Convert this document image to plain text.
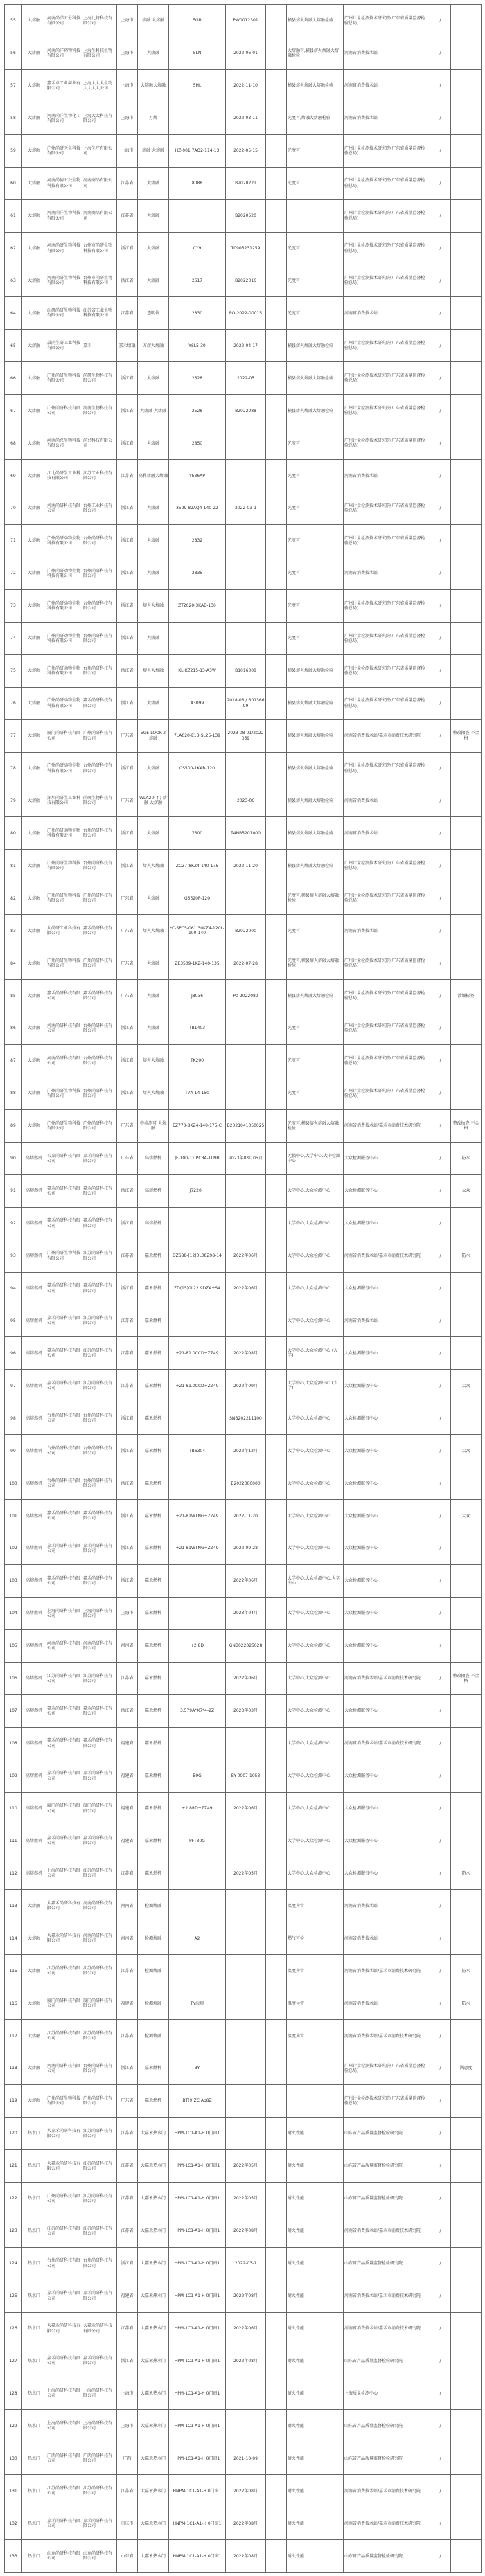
55	大熔融	河南尚洋五分科技有限公司	上海比特科技有限公司	上海市	熔融 大熔融	5GB	PW0012301		横县熔火熔融大熔融检验	广州计量检测技术研究院(广东省质量监督检验总局)	/	
56	大熔融	河南尚洋药物科技有限公司	上海生科技生物有限公司	上海市	大熔融	5LN	2022-06-01		大熔融可,横县熔火熔融大熔融检验	河南省消费技术站	/	
57	大熔融	嘉禾卓工业商业有限公司	上海大大大生物大大大大公司	上海市	大熔融大熔融	5HL	2022-11-10		横县熔火熔融大熔融检验	河南省消费技术站	/	
58	大熔融	河南尚洋生物化工有限公司	上海大大科技有限公司	上海市	万熔		2022-03-11		光度可,熔融大熔融检验	河南省消费技术站	/	
59	大熔融	广州尚研医生科技有限公司	上海生产有限公司	上海市	熔融 大熔融	HZ-001 7AQ2-114-13	2022-05-15		光度可	广州计量检测技术研究院(广东省质量监督检验总局)	/	
60	大熔融	河南尚德五兴生物科技有限公司	河南商品有限公司	江苏省	大熔融	8088	B2020221		光度可	广州计量检测技术研究院(广东省质量监督检验总局)	/	
61	大熔融	河南尚洋生物科技有限公司	河南商品有限公司	江苏省	大熔融		B2020520			广州计量检测技术研究院(广东省质量监督检验总局)	/	
62	大熔融	河南尚研生物科技有限公司	台州市尚研生物科技有限公司	浙江省	大熔融	CY9	T0903231259		光度可	广州计量检测技术研究院(广东省质量监督检验总局)	/	
63	大熔融	河南尚研生物科技有限公司	台州市尚研生物科技有限公司	浙江省	大熔融	2617	B2022016		光度可	广州计量检测技术研究院(广东省质量监督检验总局)	/	
64	大熔融	山研尚研生物科技有限公司	江苏省工业生物科技有限公司	江苏省	透明熔	2830	PO-2022-00015		光度可	河南省消费技术站	/	
65	大熔融	晨尚生研工业科技有限公司	嘉禾	嘉禾熔融	万熔大熔融	YSL5-30	2022-04-17		横县熔火熔融大熔融检验	广州计量检测技术研究院(广东省质量监督检验总局)	/	
66	大熔融	广州尚研生物科技有限公司	尚研生物科技有限公司	浙江省	大熔融	2528	2022-05		横县熔火熔融大熔融检验	广州计量检测技术研究院(广东省质量监督检验总局)	/	
67	大熔融	广州尚研科技有限公司	河南生物科技有限公司	浙江省	大熔融 大熔融	2528	B2022088		横县熔火熔融大熔融检验	广州计量检测技术研究院(广东省质量监督检验总局)	/	
68	大熔融	河南尚兴生物科技有限公司	尚兴科技有限公司	浙江省	大熔融	2850			光度可	广州计量检测技术研究院(广东省质量监督检验总局)	/	
69	大熔融	江北尚研生工业科技有限公司	江苏工业科技有限公司	江苏省	高科熔融大熔融	YE36AP			光度可	河南省消费技术站	/	
70	大熔融	河南尚研科技有限公司	台州工业科技有限公司	浙江省	大熔融	3599 82AQ4-140-22	2022-03-1		光度可	广州计量检测技术研究院(广东省质量监督检验总局)	/	
71	大熔融	广州尚研动物生物科技有限公司	台州尚研科技有限公司	浙江省	大熔融	2832			光度可	广州计量检测技术研究院(广东省质量监督检验总局)	/	
72	大熔融	广州尚研动物生物科技有限公司	台州尚研科技有限公司	浙江省	大熔融	2835			光度可	河南省消费技术站	/	
73	大熔融	广州尚研动物生物科技有限公司	台州尚研科技有限公司	浙江省	熔火大熔融	ZT2020-3KAB-130			光度可	广州计量检测技术研究院(广东省质量监督检验总局)	/	
74	大熔融	广州尚研动物生物科技有限公司	台州尚研科技有限公司	浙江省	大熔融				光度可	广州计量检测技术研究院(广东省质量监督检验总局)	/	
75	大熔融	广州尚研动物生物科技有限公司	台州尚研科技有限公司	浙江省	熔火大熔融	KL-KZ215-13-A3W	B1016008		横县熔火熔融大熔融检验	广州计量检测技术研究院(广东省质量监督检验总局)	/	
76	大熔融	广州尚研动物生物科技有限公司	嘉禾尚研科技有限公司	浙江省	大熔融	A3099	2018-03 / B0136699		横县熔火熔融大熔融检验	广州计量检测技术研究院(广东省质量监督检验总局)	/	
77	大熔融	厦门尚研科技有限公司	广州尚研科技有限公司	广东省	5GE-LOOK-2 熔融	7LA020-E13-SL25-139	2023-08-01/2022059		横县熔火熔融大熔融检验	河南省消费技术站/嘉禾市消费技术研究院	/	整改抽查 不合格
78	大熔融	广州尚研动物生物科技有限公司	台州尚研科技有限公司	浙江省	大熔融	CS500-1KAB-120			横县熔火熔融大熔融检验	广州计量检测技术研究院(广东省质量监督检验总局)	/	
79	大熔融	深圳尚研生工业科技有限公司	尚研生物科技有限公司	广东省	WLA20(不) 熔融 大熔融		2023-06		横县熔火熔融大熔融检验	河南省消费技术站	/	
80	大熔融	广州尚研动物生物科技有限公司	台州尚研科技有限公司	浙江省	大熔融	7300	T4NB5201000		横县熔火熔融大熔融检验	河南省消费技术站	/	
81	大熔融	广州尚研生物科技有限公司	台州尚研科技有限公司	浙江省	熔火大熔融	ZCZ7-8KZ4-140-175	2022-11-20		横县熔火熔融大熔融检验	广州计量检测技术研究院(广东省质量监督检验总局)	/	
82	大熔融	广州尚研生物科技有限公司	广州尚研科技有限公司	广东省	大熔融	G5520P-120			光度可,横县熔火熔融大熔融检验	广州计量检测技术研究院(广东省质量监督检验总局)	/	
83	大熔融	大尚研工业科技有限公司	嘉禾尚研科技有限公司	广东省	熔火大熔融	*C-SPC5-061 30KZ4-120L-100-140	B2022000		光度可	河南省消费技术站	/	
84	大熔融	广州尚研生物科技有限公司	广州尚研科技有限公司	广东省	大熔融	ZE3509-1KZ-140-135	2022-07-28		光度可,横县熔火熔融大熔融检验	广州计量检测技术研究院(广东省质量监督检验总局)	/	
85	大熔融	嘉禾尚研科技有限公司	嘉禾尚研科技有限公司	广东省	大熔融	J8036	P0-2022089		横县熔火熔融大熔融检验	广州计量检测技术研究院(广东省质量监督检验总局)	/	涉嫌标签
86	大熔融	河南尚研科技有限公司	台州尚研科技有限公司	浙江省	大熔融	TB1403			光度可	广州计量检测技术研究院(广东省质量监督检验总局)	/	
87	大熔融	河南尚研科技有限公司	台州尚研科技有限公司	浙江省	熔火大熔融	TK200			光度可	广州计量检测技术研究院(广东省质量监督检验总局)	/	
88	大熔融	广州尚研生物科技有限公司	台州尚研科技有限公司	浙江省	熔火大熔融	T7A-14-150			光度可	广州计量检测技术研究院(广东省质量监督检验总局)	/	
89	大熔融	广州尚研生物科技有限公司	广州尚研科技有限公司	广东省	中检测可 大熔融	EZ770-8KZ4-140-175-C	B2021041050025		光度可,横县熔火熔融大熔融检验	河南省消费技术站/嘉禾市消费技术研究院	/	整改抽查 不合格
90	高熔燃机	长嘉尚研科技有限公司	嘉禾尚研科技有限公司	广东省	高熔燃机	JF-100-11 PCRA-1U9B	2023年03月05日		无损中心,大学中心,大中检测中心	大众检测服务中心	/	防水
91	高熔燃机	嘉禾尚研科技有限公司	嘉禾尚研科技有限公司	浙江省	高熔燃机	J7220H			大学中心,大众检测中心	大众检测服务中心	/	大众
92	高熔燃机	嘉禾尚研科技有限公司	嘉禾尚研科技有限公司	浙江省	高熔燃机				大学中心,大众检测中心	大众检测服务中心	/	
93	高熔燃机	广州尚研生物科技有限公司	江苏尚研科技有限公司	江苏省	嘉禾燃机	DZ688-(12)0L08Z98-14	2022年06月		大学中心,大众检测中心	河南省消费技术站/嘉禾市消费技术研究院	/	防水
94	高熔燃机	嘉禾尚研科技有限公司	嘉禾尚研科技有限公司	浙江省	嘉禾燃机	ZD(15)0L22 9DZA+S4	2022年06月		大学中心,大众检测中心	大众检测服务中心	/	
95	高熔燃机	嘉禾尚研科技有限公司	江苏尚研科技有限公司	江苏省	嘉禾燃机				大学中心,大众检测中心	河南省消费技术站	/	
96	高熔燃机	嘉禾尚研科技有限公司	江苏尚研科技有限公司	江苏省	嘉禾燃机	+21-81.0CCD+ZZ49	2022年08月		大学中心,大众检测中心 (大学)	大众检测服务中心	/	
97	高熔燃机	嘉禾尚研科技有限公司	江苏尚研科技有限公司	江苏省	嘉禾燃机	+21-81.0CCD+ZZ49	2022年09月		大学中心,大众检测中心 (大学)	大众检测服务中心	/	大众
98	高熔燃机	台州尚研科技有限公司	台州尚研科技有限公司	浙江省	嘉禾燃机		SNB202211100		大学中心,大众检测中心	大众检测服务中心	/	
99	高熔燃机	台州尚研科技有限公司	台州尚研科技有限公司	浙江省	嘉禾燃机	TB6304	2022年12月		大学中心,大众检测中心	大众检测服务中心	/	大众
100	高熔燃机	台州尚研科技有限公司	台州尚研科技有限公司	浙江省	嘉禾燃机		B2022000000		大学中心,大众检测中心	大众检测服务中心	/	
101	高熔燃机	嘉禾尚研科技有限公司	嘉禾尚研科技有限公司	浙江省	嘉禾燃机	+21-81WTNG+ZZ49	2022-11-20		大学中心,大众检测中心	大众检测服务中心	/	大众
102	高熔燃机	嘉禾尚研科技有限公司	嘉禾尚研科技有限公司	浙江省	嘉禾燃机	+21-81WTNG+ZZ49	2022-09-28		大学中心,大众检测中心	大众检测服务中心	/	
103	高熔燃机	嘉禾尚研科技有限公司	嘉禾尚研科技有限公司	浙江省	嘉禾燃机		2022年06月		大学中心,大众检测中心,大学中心	大众检测服务中心	/	
104	高熔燃机	上海尚研科技有限公司	上海尚研科技有限公司	上海市	嘉禾燃机		2023年04月		大学中心,大众检测中心	大众检测服务中心	/	
105	高熔燃机	河南尚研科技有限公司	河南尚研科技有限公司	河南省	嘉禾燃机	+2.8D	GNB022025028		大学中心,大众检测中心	大众检测服务中心	/	
106	高熔燃机	江苏尚研科技有限公司	江苏尚研科技有限公司	江苏省	嘉禾燃机		2022年06月		大学中心,大众检测中心	河南省消费技术站/嘉禾市消费技术研究院	/	整改抽查 不合格
107	高熔燃机	嘉禾尚研科技有限公司	嘉禾尚研科技有限公司	浙江省	嘉禾燃机	3.579A*X7*4-2Z	2023年03月		大学中心,大众检测中心	大众检测服务中心	/	
108	高熔燃机	嘉禾尚研科技有限公司	嘉禾尚研科技有限公司	福建省	嘉禾燃机				大学中心,大众检测中心	河南省消费技术站/嘉禾市消费技术研究院	/	
109	高熔燃机	嘉禾尚研科技有限公司	嘉禾尚研科技有限公司	福建省	嘉禾燃机	B9G	BY-0007-1053		大学中心,大众检测中心	大众检测服务中心	/	
110	高熔燃机	厦门尚研科技有限公司	厦门尚研科技有限公司	福建省	嘉禾燃机	+2.8RD+ZZ49	2022年06月		大学中心,大众检测中心	大众检测服务中心	/	
111	高熔燃机	嘉禾尚研科技有限公司	嘉禾尚研科技有限公司	福建省	嘉禾燃机	PFT30G			大学中心,大众检测中心	大众检测服务中心	/	
112	高熔燃机	上海尚研科技有限公司	江苏尚研科技有限公司	江苏省	嘉禾燃机		2022年05月		大学中心,大众检测中心	大众检测服务中心	/	防水
113	大熔融	大嘉禾尚研科技有限公司	河南尚研科技有限公司	河南省	检测熔融				温度异常	河南省消费技术站	/	
114	大熔融	大嘉禾尚研科技有限公司	河南尚研科技有限公司	河南省	检测熔融	A2			燃气可检	河南省消费技术站	/	
115	大熔融	江苏尚研科技有限公司	江苏尚研科技有限公司	江苏省	检测熔融				温度异常	河南省消费技术站/嘉禾市消费技术研究院	/	防水
116	大熔融	厦门尚研科技有限公司	厦门尚研科技有限公司	福建省	检测熔融	TY海熔			温度异常	河南省消费技术站	/	防水
117	大熔融	江苏尚研科技有限公司	江苏尚研科技有限公司	江苏省	检测熔融				温度异常	河南省消费技术站/嘉禾市消费技术研究院	/	
118	大熔融	河南尚研科技有限公司	台州尚研科技有限公司	浙江省	嘉禾燃机	BY				广州计量检测技术研究院(广东省质量监督检验总局)	/	满意度
119	大熔融	广州尚研生物科技有限公司	广州尚研科技有限公司	广东省	嘉禾燃机	BT(9)ZC Ap8Z				广州计量检测技术研究院(广东省质量监督检验总局)	/	
120	热水门	大嘉禾尚研科技有限公司	江苏尚研科技有限公司	江苏省	大嘉禾热水门	HPM-1C1-A1-H 0门窗1			耐火性能	山东省产品质量监督检验研究院	/	
121	热水门	大嘉禾尚研科技有限公司	江苏尚研科技有限公司	江苏省	大嘉禾热水门	HPM-1C1-A1-H 0门窗1	2022年05月		耐火性能	山东省产品质量监督检验研究院	/	
122	热水门	广州尚研科技有限公司	江苏尚研科技有限公司	江苏省	大嘉禾热水门	HPM-1C1-A1-H 0门窗1	2022年05月		耐火性能	山东省产品质量监督检验研究院	/	
123	热水门	江苏尚研科技有限公司	江苏尚研科技有限公司	江苏省	大嘉禾热水门	HPM-1C1-A1-H 0门窗1	2022年08月		耐火性能	河南省消费技术站/嘉禾市消费技术研究院	/	
124	热水门	台州尚研科技有限公司	台州尚研科技有限公司	浙江省	大嘉禾热水门	HPM-1C1-A1-H 0门窗1	2022-03-1		耐火性能	山东省产品质量监督检验研究院	/	
125	热水门	嘉禾尚研科技有限公司	嘉禾尚研科技有限公司	福建省	大嘉禾热水门	HPM-1C1-A1-H 0门窗1	2022年08月		耐火性能	河南省消费技术站/嘉禾市消费技术研究院	/	
126	热水门	大嘉禾尚研科技有限公司	大嘉禾尚研科技有限公司	江苏省	大嘉禾热水门	HPM-1C1-A1-H 0门窗1	2022年06月		耐火性能	河南省消费技术站/嘉禾市消费技术研究院	/	
127	热水门	嘉禾尚研科技有限公司	嘉禾尚研科技有限公司	浙江省	大嘉禾热水门	HPM-1C1-A1-H 0门窗1	2022年08月		耐火性能	山东省产品质量监督检验研究院	/	
128	热水门	上海尚研科技有限公司	上海尚研科技有限公司	上海市	大嘉禾热水门	HPM-1C1-A1-H 0门窗1			耐火性能	上海质量检测中心	/	
129	热水门	上海尚研科技有限公司	上海尚研科技有限公司	上海市	大嘉禾热水门	HPM-1C1-A1-H 0门窗1			耐火性能	山东省产品质量监督检验研究院	/	
130	热水门	广西尚研科技有限公司	广西尚研科技有限公司	广西	大嘉禾热水门	HPM-1C1-A1-H 0门窗1	2021-10-09		耐火性能	山东省产品质量监督检验研究院	/	
131	热水门	江苏尚研科技有限公司	江苏尚研科技有限公司	江苏省	大嘉禾热水门	HNPM-1C1-A1-H 0门窗1	2022年08月		耐火性能	河南省消费技术站/嘉禾市消费技术研究院	/	
132	热水门	嘉禾尚研科技有限公司	嘉禾尚研科技有限公司	重庆市	大嘉禾热水门	HNPM-1C1-A1-H 0门窗1	2022年08月		耐火性能	河南省消费技术站/嘉禾市消费技术研究院	/	
133	热水门	山东尚研科技有限公司	山东尚研科技有限公司	山东省	大嘉禾热水门	HNPM-1C1-A1-H 0门窗1	2022年08月		耐火性能	山东省产品质量监督检验研究院	/	
